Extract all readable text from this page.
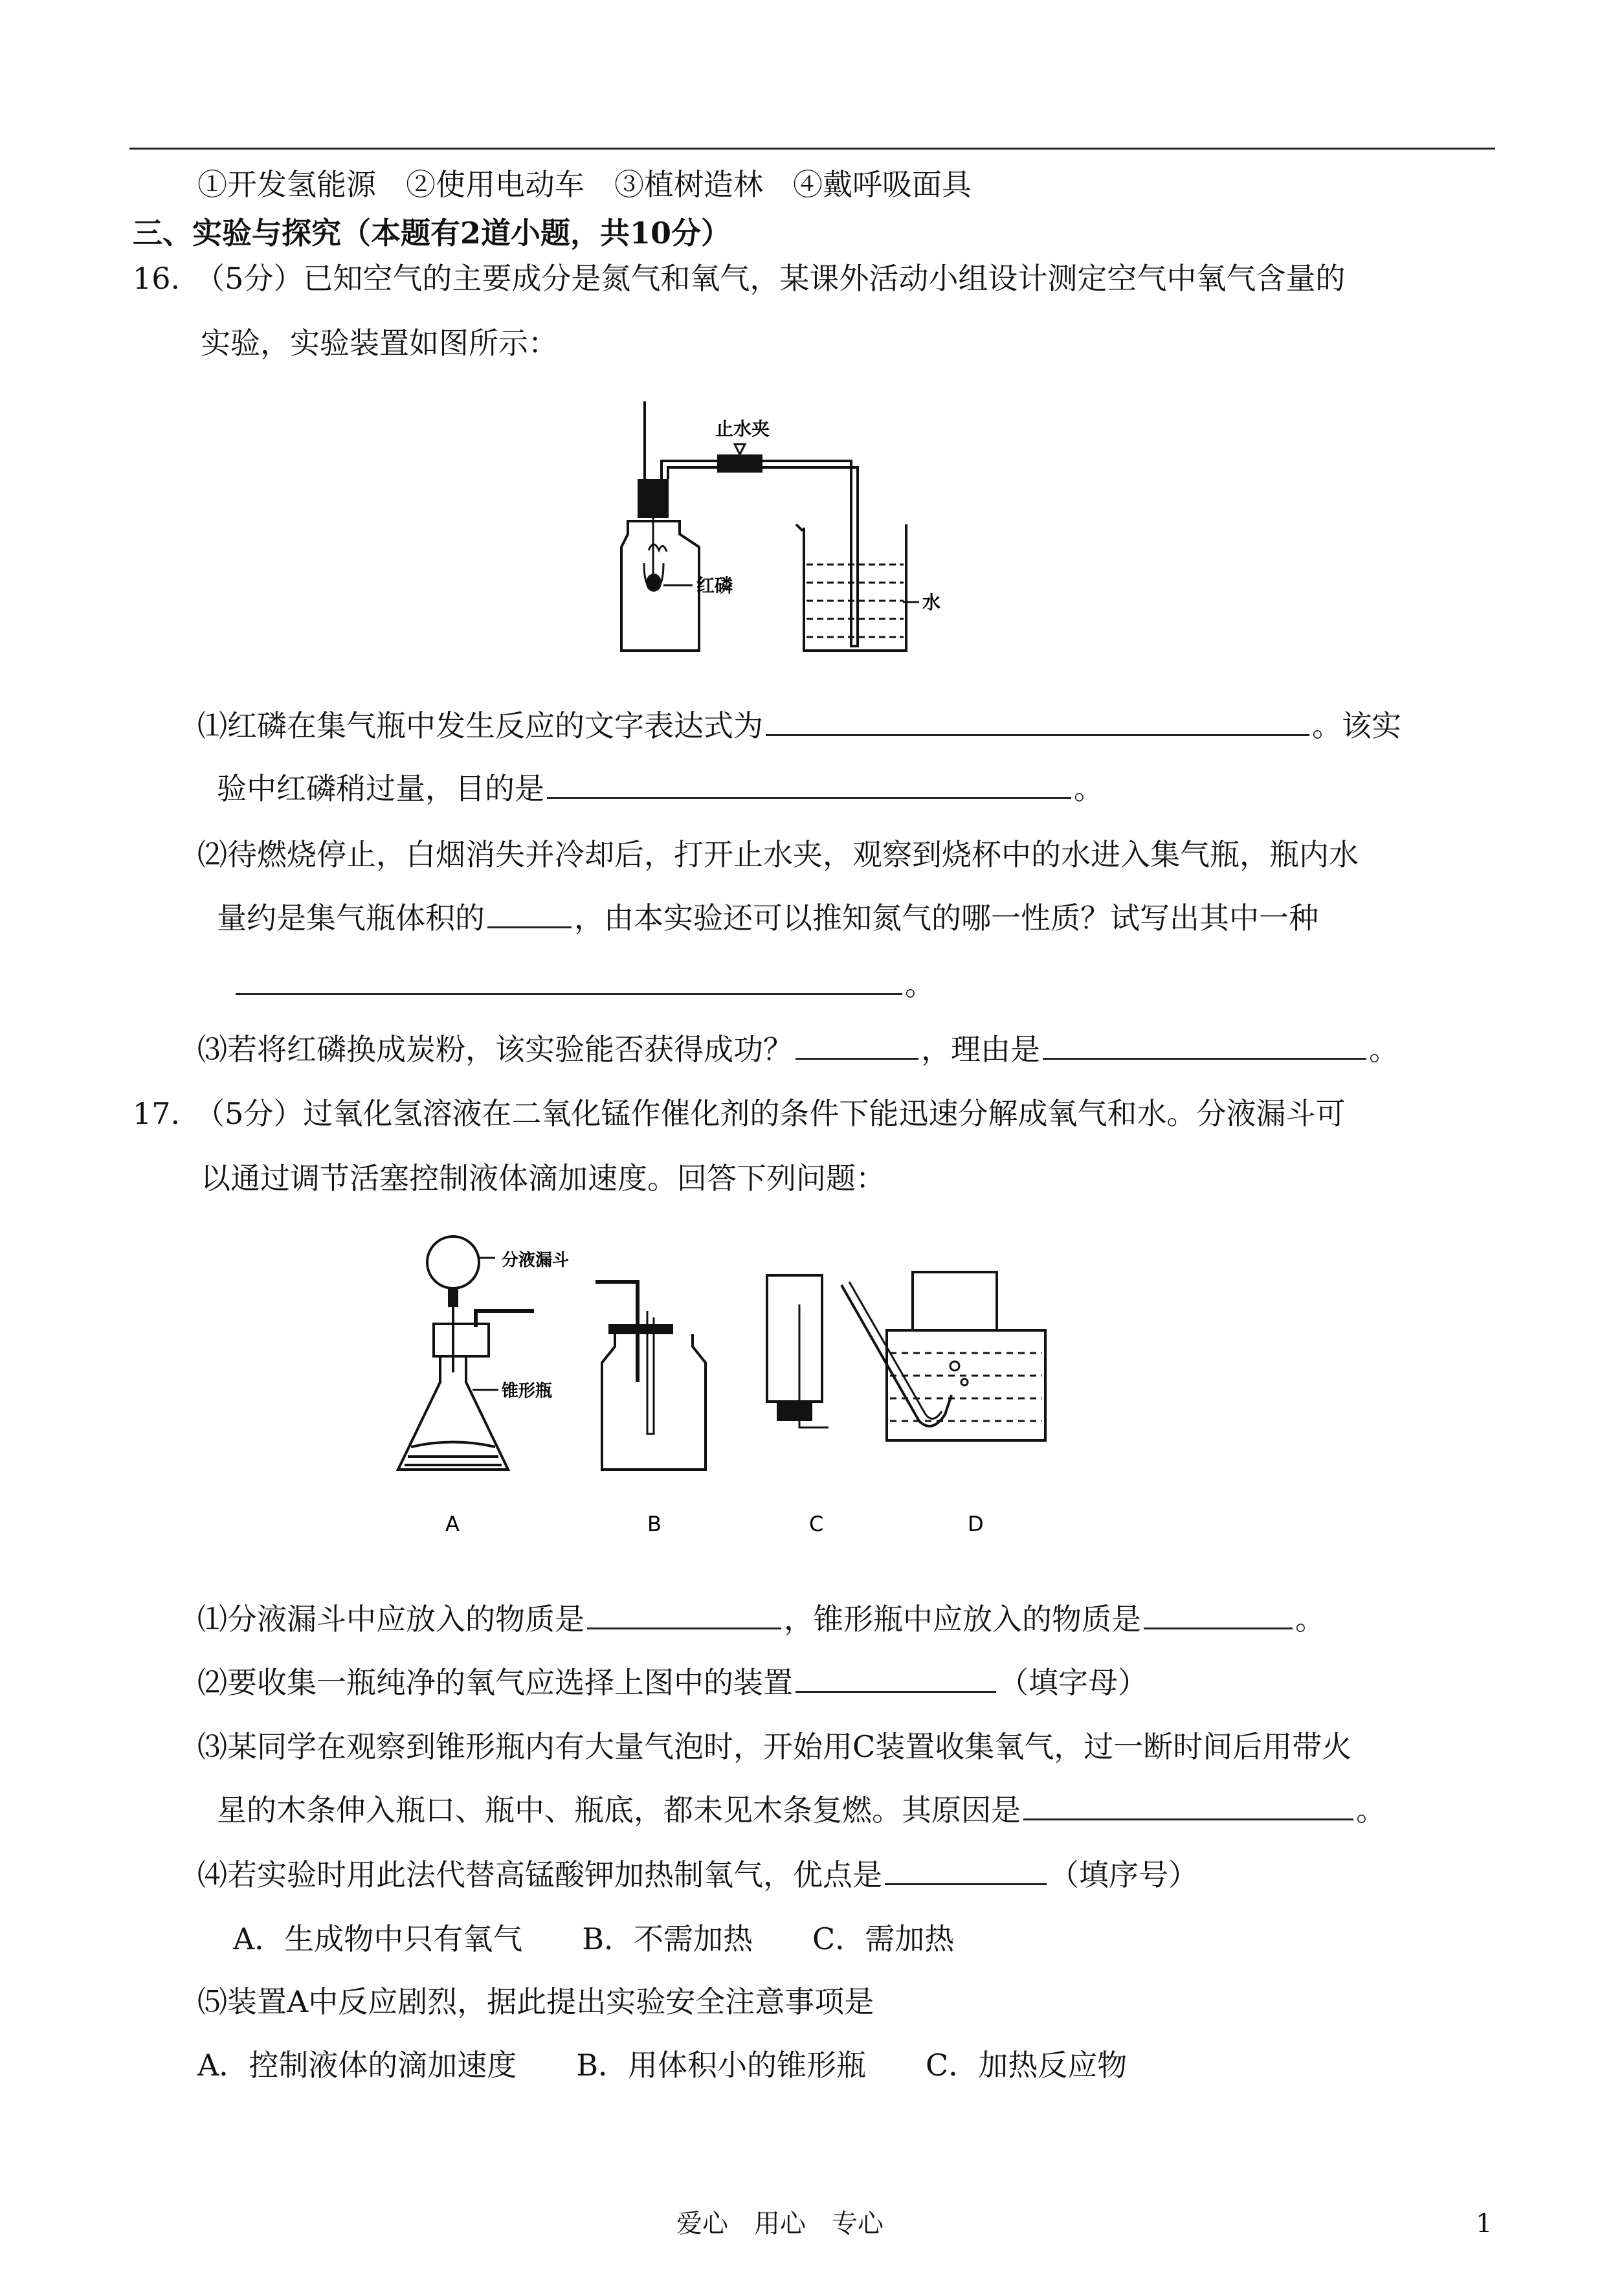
①开发氢能源　②使用电动车　③植树造林　④戴呼吸面具
三、实验与探究（本题有2道小题，共10分）
16.　（5分）已知空气的主要成分是氮气和氧气，某课外活动小组设计测定空气中氧气含量的
实验，实验装置如图所示：
止水夹
红磷
水
⑴红磷在集气瓶中发生反应的文字表达式为	。该实
验中红磷稍过量，目的是	。
⑵待燃烧停止，白烟消失并冷却后，打开止水夹，观察到烧杯中的水进入集气瓶，瓶内水
量约是集气瓶体积的	，由本实验还可以推知氮气的哪一性质？试写出其中一种
。
⑶若将红磷换成炭粉，该实验能否获得成功？	，理由是	。
17.　（5分）过氧化氢溶液在二氧化锰作催化剂的条件下能迅速分解成氧气和水。分液漏斗可
以通过调节活塞控制液体滴加速度。回答下列问题：
分液漏斗
锥形瓶
A	B	C	D
⑴分液漏斗中应放入的物质是	，锥形瓶中应放入的物质是	。
⑵要收集一瓶纯净的氧气应选择上图中的装置	（填字母）
⑶某同学在观察到锥形瓶内有大量气泡时，开始用C装置收集氧气，过一断时间后用带火
星的木条伸入瓶口、瓶中、瓶底，都未见木条复燃。其原因是	。
⑷若实验时用此法代替高锰酸钾加热制氧气，优点是	（填序号）
A．生成物中只有氧气　　B．不需加热　　C．需加热
⑸装置A中反应剧烈，据此提出实验安全注意事项是
A．控制液体的滴加速度　　B．用体积小的锥形瓶　　C．加热反应物
爱心　用心　专心	1
